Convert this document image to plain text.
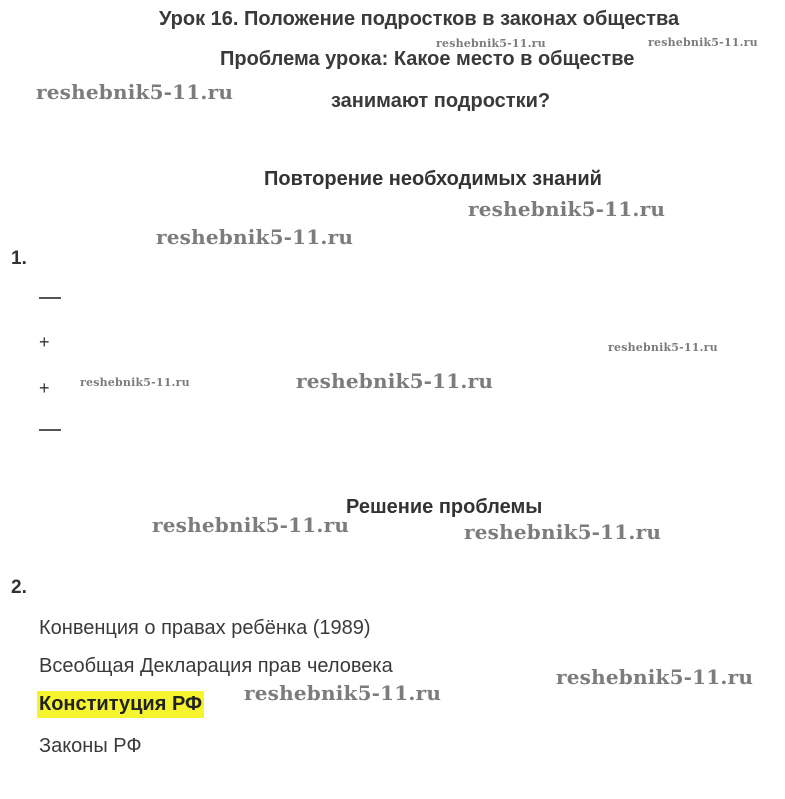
Урок 16. Положение подростков в законах общества
Проблема урока: Какое место в обществе
занимают подростки?
Повторение необходимых знаний
1.
+
+
Решение проблемы
2.
Конвенция о правах ребёнка (1989)
Всеобщая Декларация прав человека
Конституция РФ
Законы РФ
reshebnik5-11.ru	reshebnik5-11.ru
reshebnik5-11.ru
reshebnik5-11.ru
reshebnik5-11.ru
reshebnik5-11.ru
reshebnik5-11.ru	reshebnik5-11.ru
reshebnik5-11.ru	reshebnik5-11.ru
reshebnik5-11.ru
reshebnik5-11.ru
